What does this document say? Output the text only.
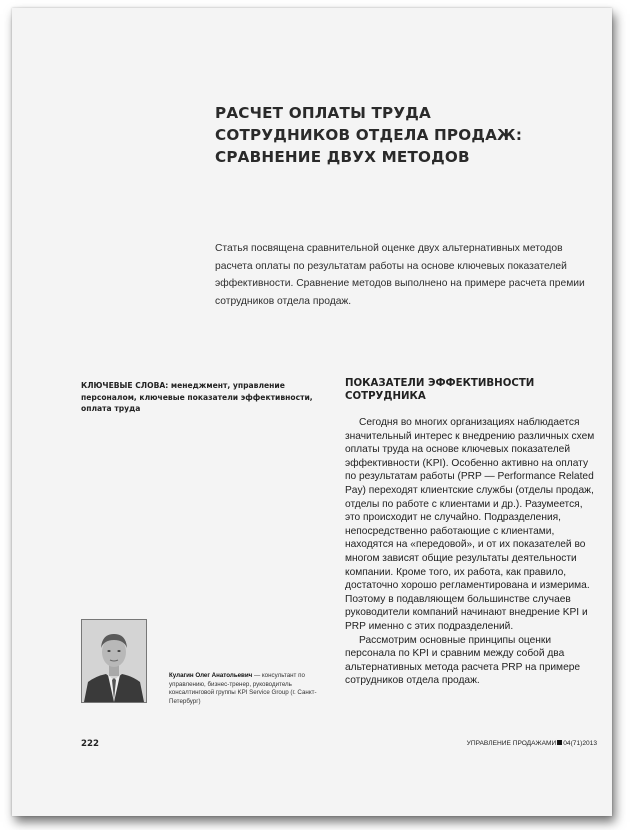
РАСЧЕТ ОПЛАТЫ ТРУДА СОТРУДНИКОВ ОТДЕЛА ПРОДАЖ: СРАВНЕНИЕ ДВУХ МЕТОДОВ

Статья посвящена сравнительной оценке двух альтернативных методов расчета оплаты по результатам работы на основе ключевых показателей эффективности. Сравнение методов выполнено на примере расчета премии сотрудников отдела продаж.

КЛЮЧЕВЫЕ СЛОВА: менеджмент, управление персоналом, ключевые показатели эффективности, оплата труда

ПОКАЗАТЕЛИ ЭФФЕКТИВНОСТИ СОТРУДНИКА

Сегодня во многих организациях наблюдается значительный интерес к внедрению различных схем оплаты труда на основе ключевых показателей эффективности (KPI). Особенно активно на оплату по результатам работы (PRP — Performance Related Pay) переходят клиентские службы (отделы продаж, отделы по работе с клиентами и др.). Разумеется, это происходит не случайно. Подразделения, непосредственно работающие с клиентами, находятся на «передовой», и от их показателей во многом зависят общие результаты деятельности компании. Кроме того, их работа, как правило, достаточно хорошо регламентирована и измерима. Поэтому в подавляющем большинстве случаев руководители компаний начинают внедрение KPI и PRP именно с этих подразделений.

Рассмотрим основные принципы оценки персонала по KPI и сравним между собой два альтернативных метода расчета PRP на примере сотрудников отдела продаж.

Кулагин Олег Анатольевич — консультант по управлению, бизнес-тренер, руководитель консалтинговой группы KPI Service Group (г. Санкт-Петербург)

222	УПРАВЛЕНИЕ ПРОДАЖАМИ 04(71)2013
